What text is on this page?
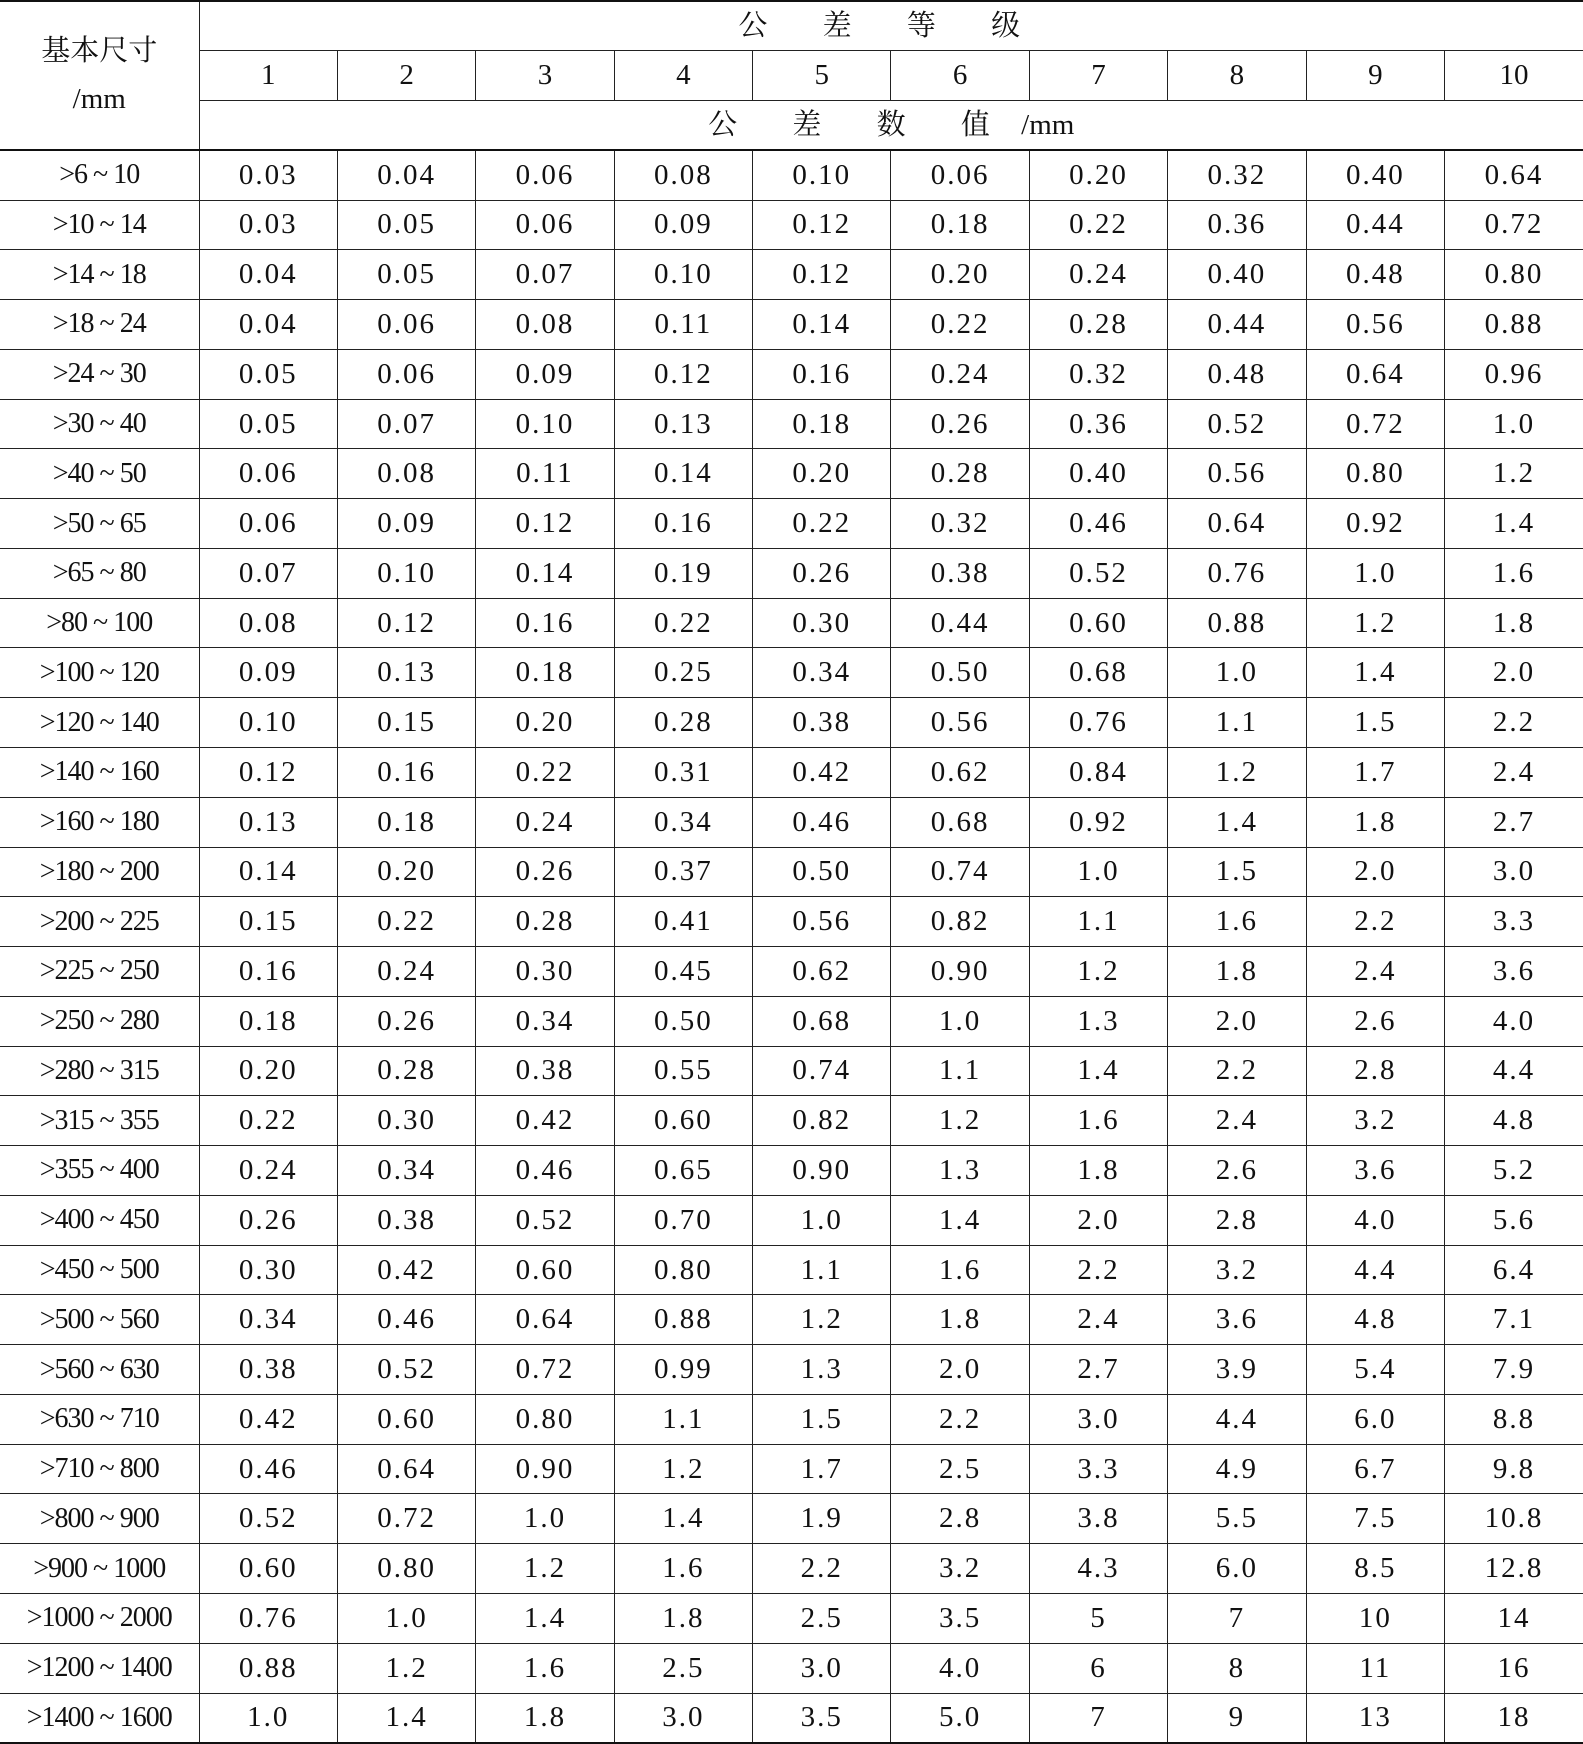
基本尺寸
/mm	公 差 等 级									
	1	2	3	4	5	6	7	8	9	10
	公 差 数 值 /mm									
>6 ~ 10	0.03	0.04	0.06	0.08	0.10	0.06	0.20	0.32	0.40	0.64
>10 ~ 14	0.03	0.05	0.06	0.09	0.12	0.18	0.22	0.36	0.44	0.72
>14 ~ 18	0.04	0.05	0.07	0.10	0.12	0.20	0.24	0.40	0.48	0.80
>18 ~ 24	0.04	0.06	0.08	0.11	0.14	0.22	0.28	0.44	0.56	0.88
>24 ~ 30	0.05	0.06	0.09	0.12	0.16	0.24	0.32	0.48	0.64	0.96
>30 ~ 40	0.05	0.07	0.10	0.13	0.18	0.26	0.36	0.52	0.72	1.0
>40 ~ 50	0.06	0.08	0.11	0.14	0.20	0.28	0.40	0.56	0.80	1.2
>50 ~ 65	0.06	0.09	0.12	0.16	0.22	0.32	0.46	0.64	0.92	1.4
>65 ~ 80	0.07	0.10	0.14	0.19	0.26	0.38	0.52	0.76	1.0	1.6
>80 ~ 100	0.08	0.12	0.16	0.22	0.30	0.44	0.60	0.88	1.2	1.8
>100 ~ 120	0.09	0.13	0.18	0.25	0.34	0.50	0.68	1.0	1.4	2.0
>120 ~ 140	0.10	0.15	0.20	0.28	0.38	0.56	0.76	1.1	1.5	2.2
>140 ~ 160	0.12	0.16	0.22	0.31	0.42	0.62	0.84	1.2	1.7	2.4
>160 ~ 180	0.13	0.18	0.24	0.34	0.46	0.68	0.92	1.4	1.8	2.7
>180 ~ 200	0.14	0.20	0.26	0.37	0.50	0.74	1.0	1.5	2.0	3.0
>200 ~ 225	0.15	0.22	0.28	0.41	0.56	0.82	1.1	1.6	2.2	3.3
>225 ~ 250	0.16	0.24	0.30	0.45	0.62	0.90	1.2	1.8	2.4	3.6
>250 ~ 280	0.18	0.26	0.34	0.50	0.68	1.0	1.3	2.0	2.6	4.0
>280 ~ 315	0.20	0.28	0.38	0.55	0.74	1.1	1.4	2.2	2.8	4.4
>315 ~ 355	0.22	0.30	0.42	0.60	0.82	1.2	1.6	2.4	3.2	4.8
>355 ~ 400	0.24	0.34	0.46	0.65	0.90	1.3	1.8	2.6	3.6	5.2
>400 ~ 450	0.26	0.38	0.52	0.70	1.0	1.4	2.0	2.8	4.0	5.6
>450 ~ 500	0.30	0.42	0.60	0.80	1.1	1.6	2.2	3.2	4.4	6.4
>500 ~ 560	0.34	0.46	0.64	0.88	1.2	1.8	2.4	3.6	4.8	7.1
>560 ~ 630	0.38	0.52	0.72	0.99	1.3	2.0	2.7	3.9	5.4	7.9
>630 ~ 710	0.42	0.60	0.80	1.1	1.5	2.2	3.0	4.4	6.0	8.8
>710 ~ 800	0.46	0.64	0.90	1.2	1.7	2.5	3.3	4.9	6.7	9.8
>800 ~ 900	0.52	0.72	1.0	1.4	1.9	2.8	3.8	5.5	7.5	10.8
>900 ~ 1000	0.60	0.80	1.2	1.6	2.2	3.2	4.3	6.0	8.5	12.8
>1000 ~ 2000	0.76	1.0	1.4	1.8	2.5	3.5	5	7	10	14
>1200 ~ 1400	0.88	1.2	1.6	2.5	3.0	4.0	6	8	11	16
>1400 ~ 1600	1.0	1.4	1.8	3.0	3.5	5.0	7	9	13	18
